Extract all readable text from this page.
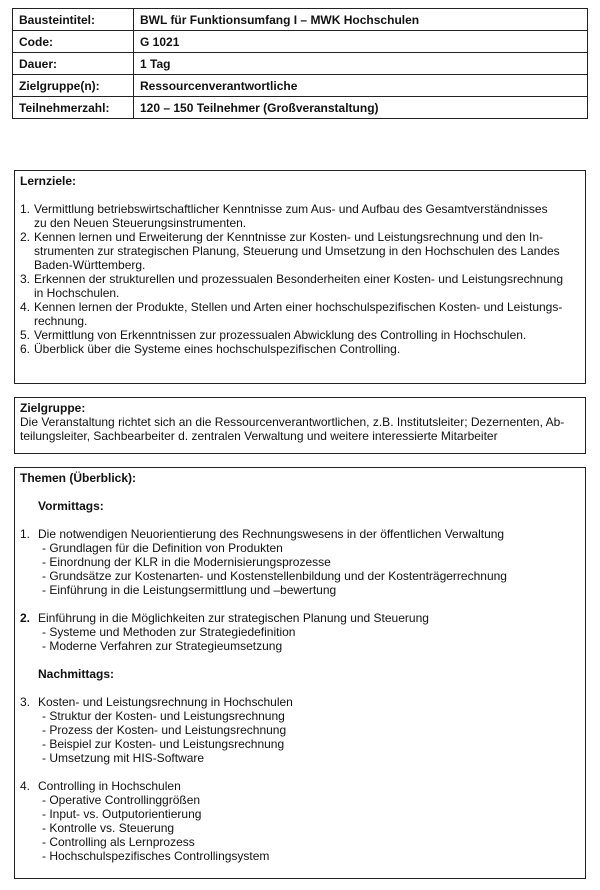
Bausteintitel:	BWL für Funktionsumfang I – MWK Hochschulen
Code:	G 1021
Dauer:	1 Tag
Zielgruppe(n):	Ressourcenverantwortliche
Teilnehmerzahl:	120 – 150 Teilnehmer (Großveranstaltung)
Lernziele:
1. Vermittlung betriebswirtschaftlicher Kenntnisse zum Aus- und Aufbau des Gesamtverständnisses
zu den Neuen Steuerungsinstrumenten.
2. Kennen lernen und Erweiterung der Kenntnisse zur Kosten- und Leistungsrechnung und den In-
strumenten zur strategischen Planung, Steuerung und Umsetzung in den Hochschulen des Landes
Baden-Württemberg.
3. Erkennen der strukturellen und prozessualen Besonderheiten einer Kosten- und Leistungsrechnung
in Hochschulen.
4. Kennen lernen der Produkte, Stellen und Arten einer hochschulspezifischen Kosten- und Leistungs-
rechnung.
5. Vermittlung von Erkenntnissen zur prozessualen Abwicklung des Controlling in Hochschulen.
6. Überblick über die Systeme eines hochschulspezifischen Controlling.
Zielgruppe:
Die Veranstaltung richtet sich an die Ressourcenverantwortlichen, z.B. Institutsleiter; Dezernenten, Ab-
teilungsleiter, Sachbearbeiter d. zentralen Verwaltung und weitere interessierte Mitarbeiter
Themen (Überblick):
Vormittags:
1. Die notwendigen Neuorientierung des Rechnungswesens in der öffentlichen Verwaltung
- Grundlagen für die Definition von Produkten
- Einordnung der KLR in die Modernisierungsprozesse
- Grundsätze zur Kostenarten- und Kostenstellenbildung und der Kostenträgerrechnung
- Einführung in die Leistungsermittlung und –bewertung
2. Einführung in die Möglichkeiten zur strategischen Planung und Steuerung
- Systeme und Methoden zur Strategiedefinition
- Moderne Verfahren zur Strategieumsetzung
Nachmittags:
3. Kosten- und Leistungsrechnung in Hochschulen
- Struktur der Kosten- und Leistungsrechnung
- Prozess der Kosten- und Leistungsrechnung
- Beispiel zur Kosten- und Leistungsrechnung
- Umsetzung mit HIS-Software
4. Controlling in Hochschulen
- Operative Controllinggrößen
- Input- vs. Outputorientierung
- Kontrolle vs. Steuerung
- Controlling als Lernprozess
- Hochschulspezifisches Controllingsystem
